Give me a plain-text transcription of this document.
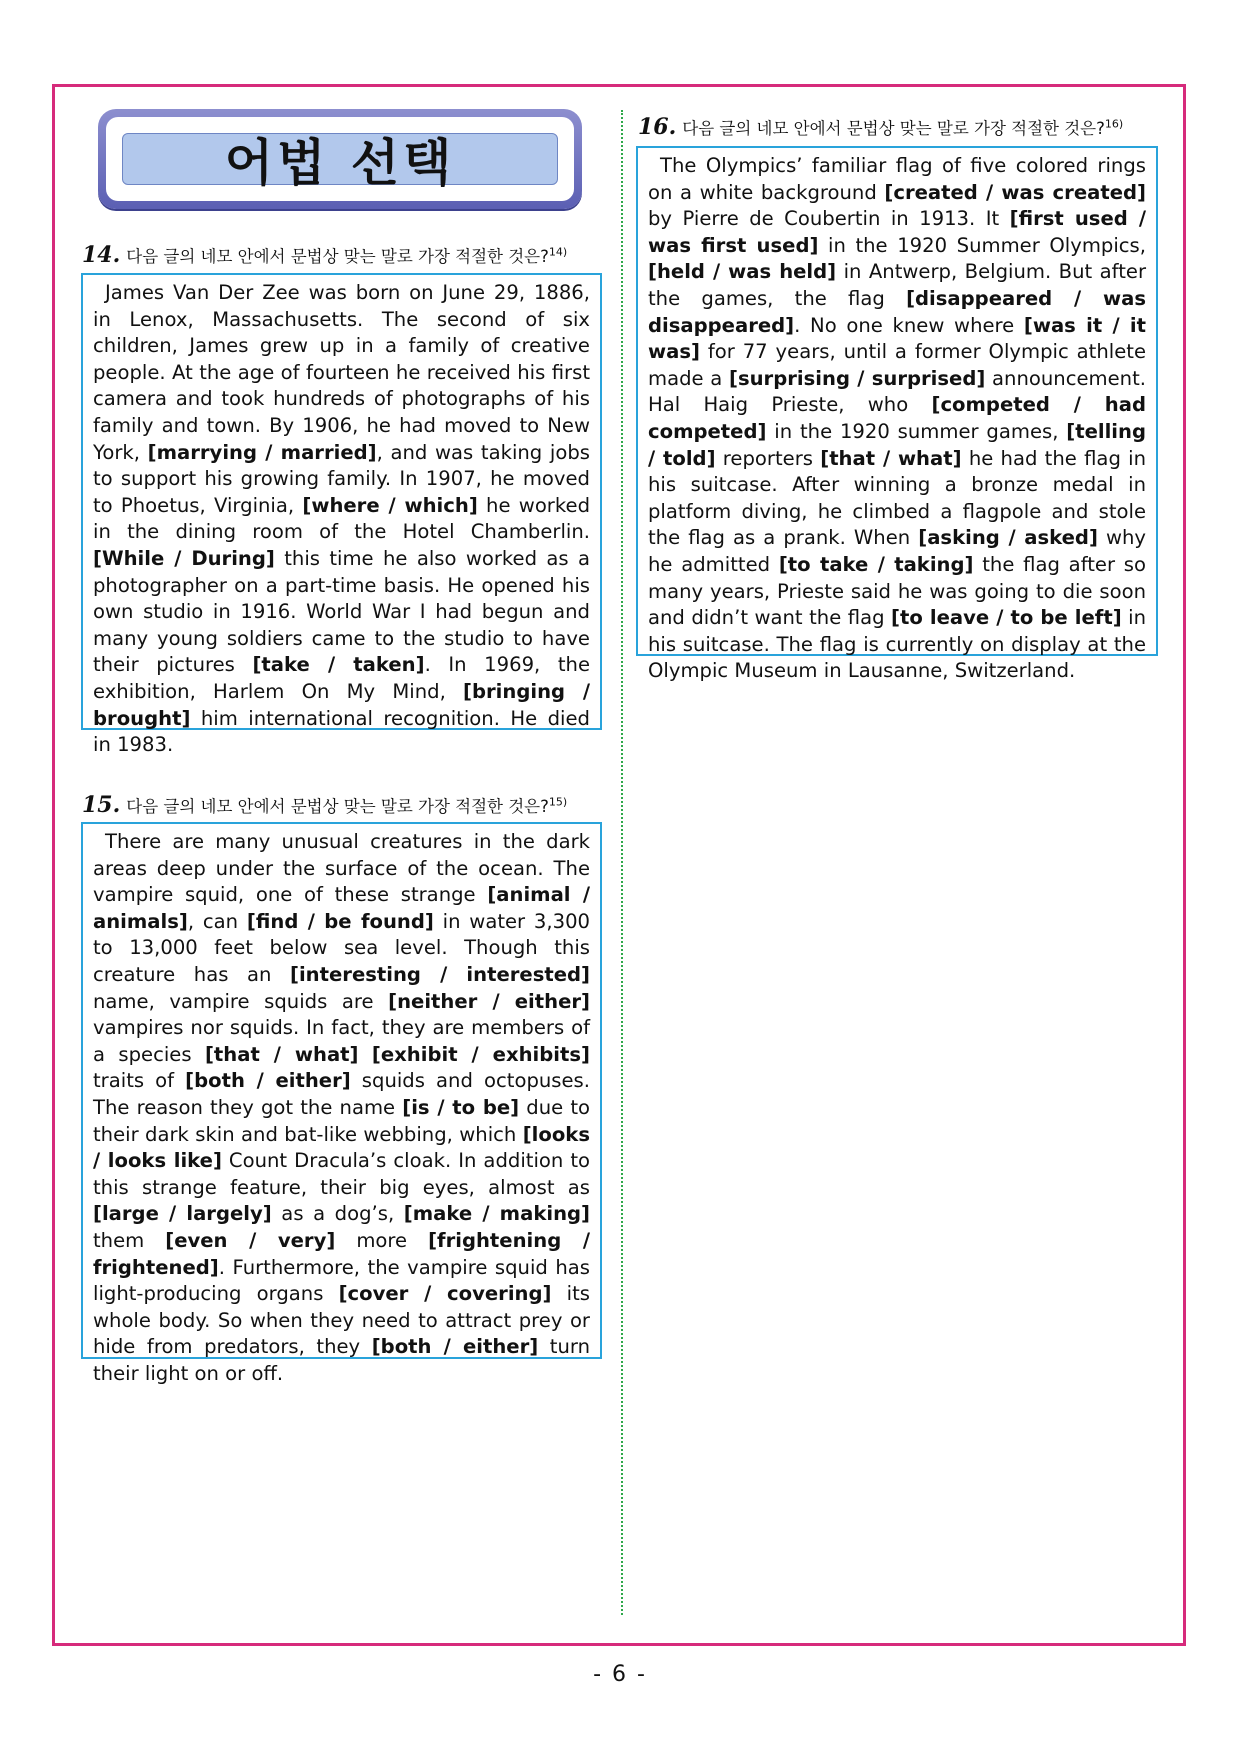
어법 선택
14. 다음 글의 네모 안에서 문법상 맞는 말로 가장 적절한 것은?$^{14)}$

James Van Der Zee was born on June 29, 1886, in Lenox, Massachusetts. The second of six children, James grew up in a family of creative people. At the age of fourteen he received his first camera and took hundreds of photographs of his family and town. By 1906, he had moved to New York, [marrying / married], and was taking jobs to support his growing family. In 1907, he moved to Phoetus, Virginia, [where / which] he worked in the dining room of the Hotel Chamberlin. [While / During] this time he also worked as a photographer on a part-time basis. He opened his own studio in 1916. World War I had begun and many young soldiers came to the studio to have their pictures [take / taken]. In 1969, the exhibition, Harlem On My Mind, [bringing / brought] him international recognition. He died in 1983.

15. 다음 글의 네모 안에서 문법상 맞는 말로 가장 적절한 것은?$^{15)}$

There are many unusual creatures in the dark areas deep under the surface of the ocean. The vampire squid, one of these strange [animal / animals], can [find / be found] in water 3,300 to 13,000 feet below sea level. Though this creature has an [interesting / interested] name, vampire squids are [neither / either] vampires nor squids. In fact, they are members of a species [that / what] [exhibit / exhibits] traits of [both / either] squids and octopuses. The reason they got the name [is / to be] due to their dark skin and bat-like webbing, which [looks / looks like] Count Dracula’s cloak. In addition to this strange feature, their big eyes, almost as [large / largely] as a dog’s, [make / making] them [even / very] more [frightening / frightened]. Furthermore, the vampire squid has light-producing organs [cover / covering] its whole body. So when they need to attract prey or hide from predators, they [both / either] turn their light on or off.

16. 다음 글의 네모 안에서 문법상 맞는 말로 가장 적절한 것은?$^{16)}$

The Olympics’ familiar flag of five colored rings on a white background [created / was created] by Pierre de Coubertin in 1913. It [first used / was first used] in the 1920 Summer Olympics, [held / was held] in Antwerp, Belgium. But after the games, the flag [disappeared / was disappeared]. No one knew where [was it / it was] for 77 years, until a former Olympic athlete made a [surprising / surprised] announcement. Hal Haig Prieste, who [competed / had competed] in the 1920 summer games, [telling / told] reporters [that / what] he had the flag in his suitcase. After winning a bronze medal in platform diving, he climbed a flagpole and stole the flag as a prank. When [asking / asked] why he admitted [to take / taking] the flag after so many years, Prieste said he was going to die soon and didn’t want the flag [to leave / to be left] in his suitcase. The flag is currently on display at the Olympic Museum in Lausanne, Switzerland.

- 6 -
